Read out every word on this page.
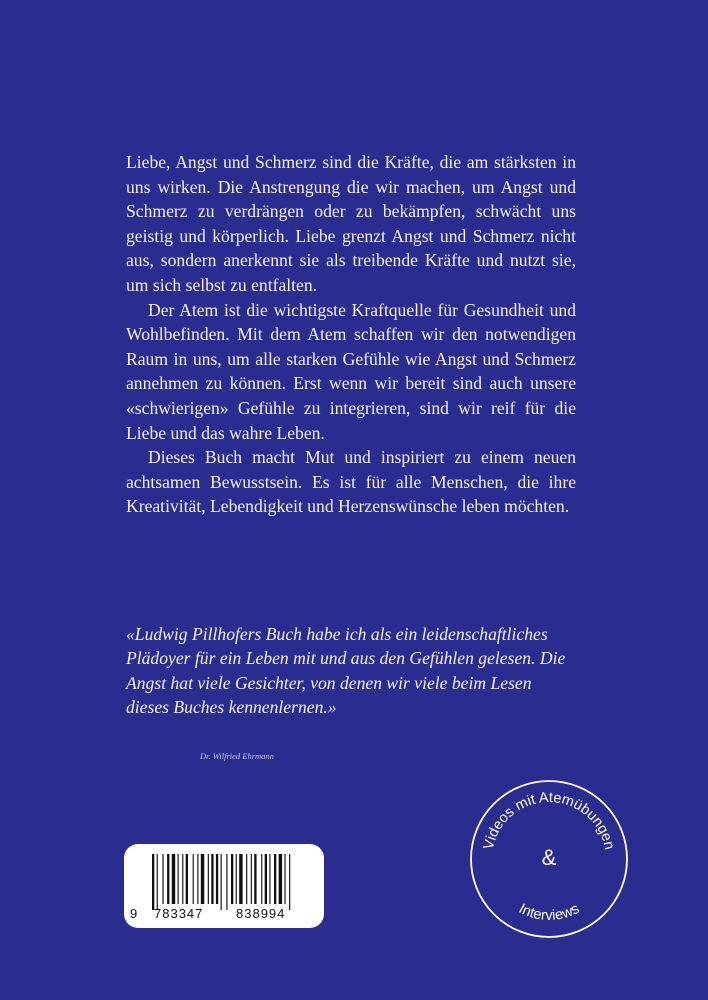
Liebe, Angst und Schmerz sind die Kräfte, die am stärksten in uns wirken. Die Anstrengung die wir machen, um Angst und Schmerz zu verdrängen oder zu bekämpfen, schwächt uns geistig und körperlich. Liebe grenzt Angst und Schmerz nicht aus, sondern anerkennt sie als treibende Kräfte und nutzt sie, um sich selbst zu entfalten.

Der Atem ist die wichtigste Kraftquelle für Gesundheit und Wohlbefinden. Mit dem Atem schaffen wir den notwendigen Raum in uns, um alle starken Gefühle wie Angst und Schmerz annehmen zu können. Erst wenn wir bereit sind auch unsere «schwierigen» Gefühle zu integrieren, sind wir reif für die Liebe und das wahre Leben.

Dieses Buch macht Mut und inspiriert zu einem neuen achtsamen Bewusstsein. Es ist für alle Menschen, die ihre Kreativität, Lebendigkeit und Herzenswünsche leben möchten.

«Ludwig Pillhofers Buch habe ich als ein leidenschaftliches Plädoyer für ein Leben mit und aus den Gefühlen gelesen. Die Angst hat viele Gesichter, von denen wir viele beim Lesen dieses Buches kennenlernen.»

Dr. Wilfried Ehrmann
9 783347	838994
Videos mit Atemübungen
Interviews
&
